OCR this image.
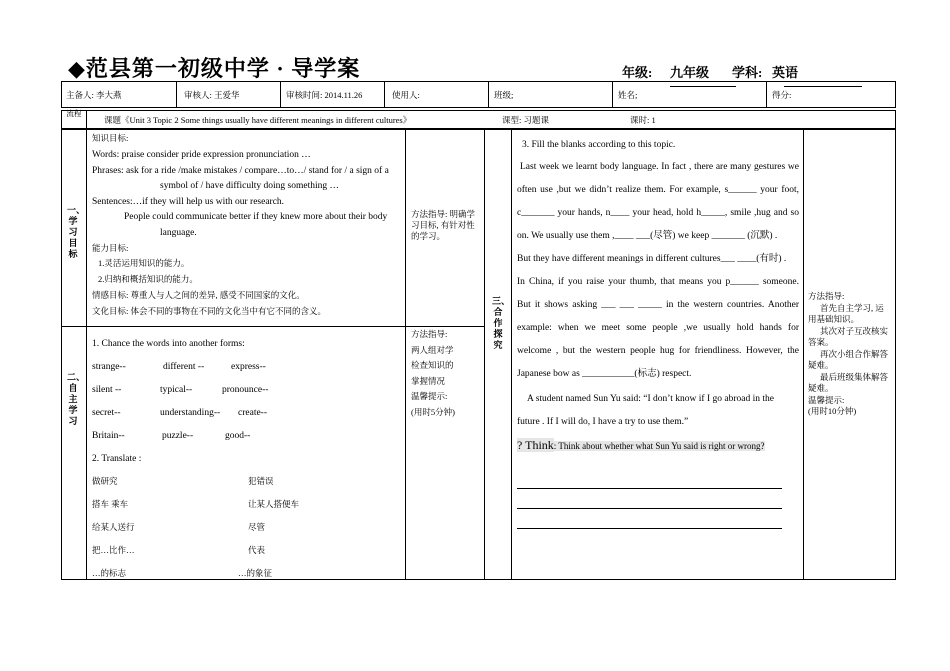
◆范县第一初级中学 · 导学案	年级: 九年级 学科: 英语
主备人: 李大燕	审核人: 王爱华	审核时间: 2014.11.26	使用人:	班级;	姓名;	得分:
流程
课题《Unit 3 Topic 2 Some things usually have different meanings in different cultures》	课型: 习题课	课时: 1
一、学习目标
知识目标:
Words: praise consider pride expression pronunciation …
Phrases: ask for a ride /make mistakes / compare…to…/ stand for / a sign of a
symbol of / have difficulty doing something …
Sentences:…if they will help us with our research.
People could communicate better if they knew more about their body
language.
能力目标:
1.灵活运用知识的能力。
2.归纳和概括知识的能力。
情感目标: 尊重人与人之间的差异, 感受不同国家的文化。
文化目标: 体会不同的事物在不同的文化当中有它不同的含义。
方法指导: 明确学习目标, 有针对性的学习。
二、自主学习
1. Chance the words into another forms:
strange--	different --	express--
silent --	typical--	pronounce--
secret--	understanding-- create--
Britain--	puzzle--	good--
2. Translate :
做研究	犯错误
搭车 乘车	让某人搭便车
给某人送行	尽管
把…比作…	代表
…的标志	…的象征
方法指导:
两人组对学
检查知识的
掌握情况
温馨提示:
(用时5分钟)
三、合作探究
3. Fill the blanks according to this topic.
Last week we learnt body language. In fact , there are many gestures we
often use ,but we didn’t realize them. For example, s______ your foot,
c_______ your hands, n____ your head, hold h_____, smile ,hug and so
on. We usually use them ,____ ___(尽管) we keep _______ (沉默) .
But they have different meanings in different cultures___ ____(有时) .
In China, if you raise your thumb, that means you p______ someone.
But it shows asking ___ ___ _____ in the western countries. Another
example: when we meet some people ,we usually hold hands for
welcome , but the western people hug for friendliness. However, the
Japanese bow as ___________(标志) respect.
A student named Sun Yu said: “I don’t know if I go abroad in the
future . If I will do, I have a try to use them.”
? Think: Think about whether what Sun Yu said is right or wrong?
方法指导:
首先自主学习, 运用基础知识。
其次对子互改核实答案。
再次小组合作解答疑难。
最后班级集体解答疑难。
温馨提示:
(用时10分钟)
